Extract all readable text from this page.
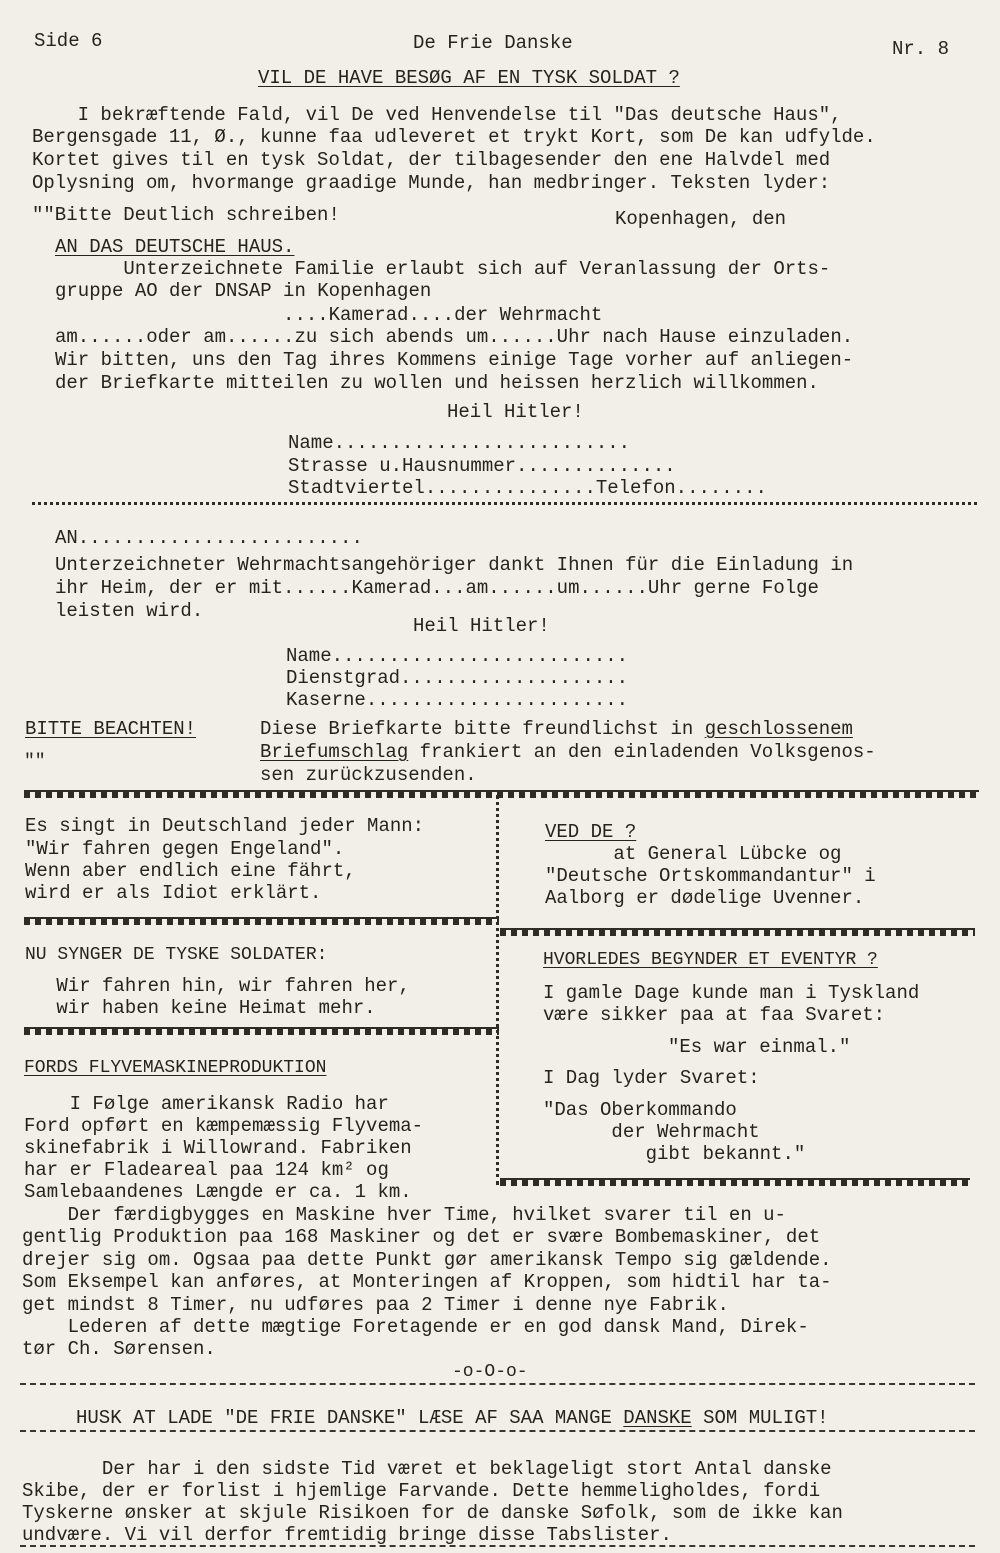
Side 6	De Frie Danske	Nr. 8
VIL DE HAVE BESØG AF EN TYSK SOLDAT ?
I bekræftende Fald, vil De ved Henvendelse til "Das deutsche Haus",
Bergensgade 11, Ø., kunne faa udleveret et trykt Kort, som De kan udfylde.
Kortet gives til en tysk Soldat, der tilbagesender den ene Halvdel med
Oplysning om, hvormange graadige Munde, han medbringer. Teksten lyder:
""Bitte Deutlich schreiben!	Kopenhagen, den
AN DAS DEUTSCHE HAUS.
Unterzeichnete Familie erlaubt sich auf Veranlassung der Orts-
gruppe AO der DNSAP in Kopenhagen
....Kamerad....der Wehrmacht
am......oder am......zu sich abends um......Uhr nach Hause einzuladen.
Wir bitten, uns den Tag ihres Kommens einige Tage vorher auf anliegen-
der Briefkarte mitteilen zu wollen und heissen herzlich willkommen.
Heil Hitler!
Name..........................
Strasse u.Hausnummer..............
Stadtviertel...............Telefon........
AN.........................
Unterzeichneter Wehrmachtsangehöriger dankt Ihnen für die Einladung in
ihr Heim, der er mit......Kamerad...am......um......Uhr gerne Folge
leisten wird.
Heil Hitler!
Name..........................
Dienstgrad....................
Kaserne.......................
BITTE BEACHTEN!	Diese Briefkarte bitte freundlichst in geschlossenem
Briefumschlag frankiert an den einladenden Volksgenos-
sen zurückzusenden.
""
Es singt in Deutschland jeder Mann:
"Wir fahren gegen Engeland".
Wenn aber endlich eine fährt,
wird er als Idiot erklärt.
VED DE ?
at General Lübcke og
"Deutsche Ortskommandantur" i
Aalborg er dødelige Uvenner.
NU SYNGER DE TYSKE SOLDATER:
Wir fahren hin, wir fahren her,
wir haben keine Heimat mehr.
HVORLEDES BEGYNDER ET EVENTYR ?
I gamle Dage kunde man i Tyskland
være sikker paa at faa Svaret:
"Es war einmal."
I Dag lyder Svaret:
"Das Oberkommando
der Wehrmacht
gibt bekannt."
FORDS FLYVEMASKINEPRODUKTION
I Følge amerikansk Radio har
Ford opført en kæmpemæssig Flyvema-
skinefabrik i Willowrand. Fabriken
har er Fladeareal paa 124 km² og
Samlebaandenes Længde er ca. 1 km.
Der færdigbygges en Maskine hver Time, hvilket svarer til en u-
gentlig Produktion paa 168 Maskiner og det er svære Bombemaskiner, det
drejer sig om. Ogsaa paa dette Punkt gør amerikansk Tempo sig gældende.
Som Eksempel kan anføres, at Monteringen af Kroppen, som hidtil har ta-
get mindst 8 Timer, nu udføres paa 2 Timer i denne nye Fabrik.
Lederen af dette mægtige Foretagende er en god dansk Mand, Direk-
tør Ch. Sørensen.
-o-O-o-
HUSK AT LADE "DE FRIE DANSKE" LÆSE AF SAA MANGE DANSKE SOM MULIGT!
Der har i den sidste Tid været et beklageligt stort Antal danske
Skibe, der er forlist i hjemlige Farvande. Dette hemmeligholdes, fordi
Tyskerne ønsker at skjule Risikoen for de danske Søfolk, som de ikke kan
undvære. Vi vil derfor fremtidig bringe disse Tabslister.
